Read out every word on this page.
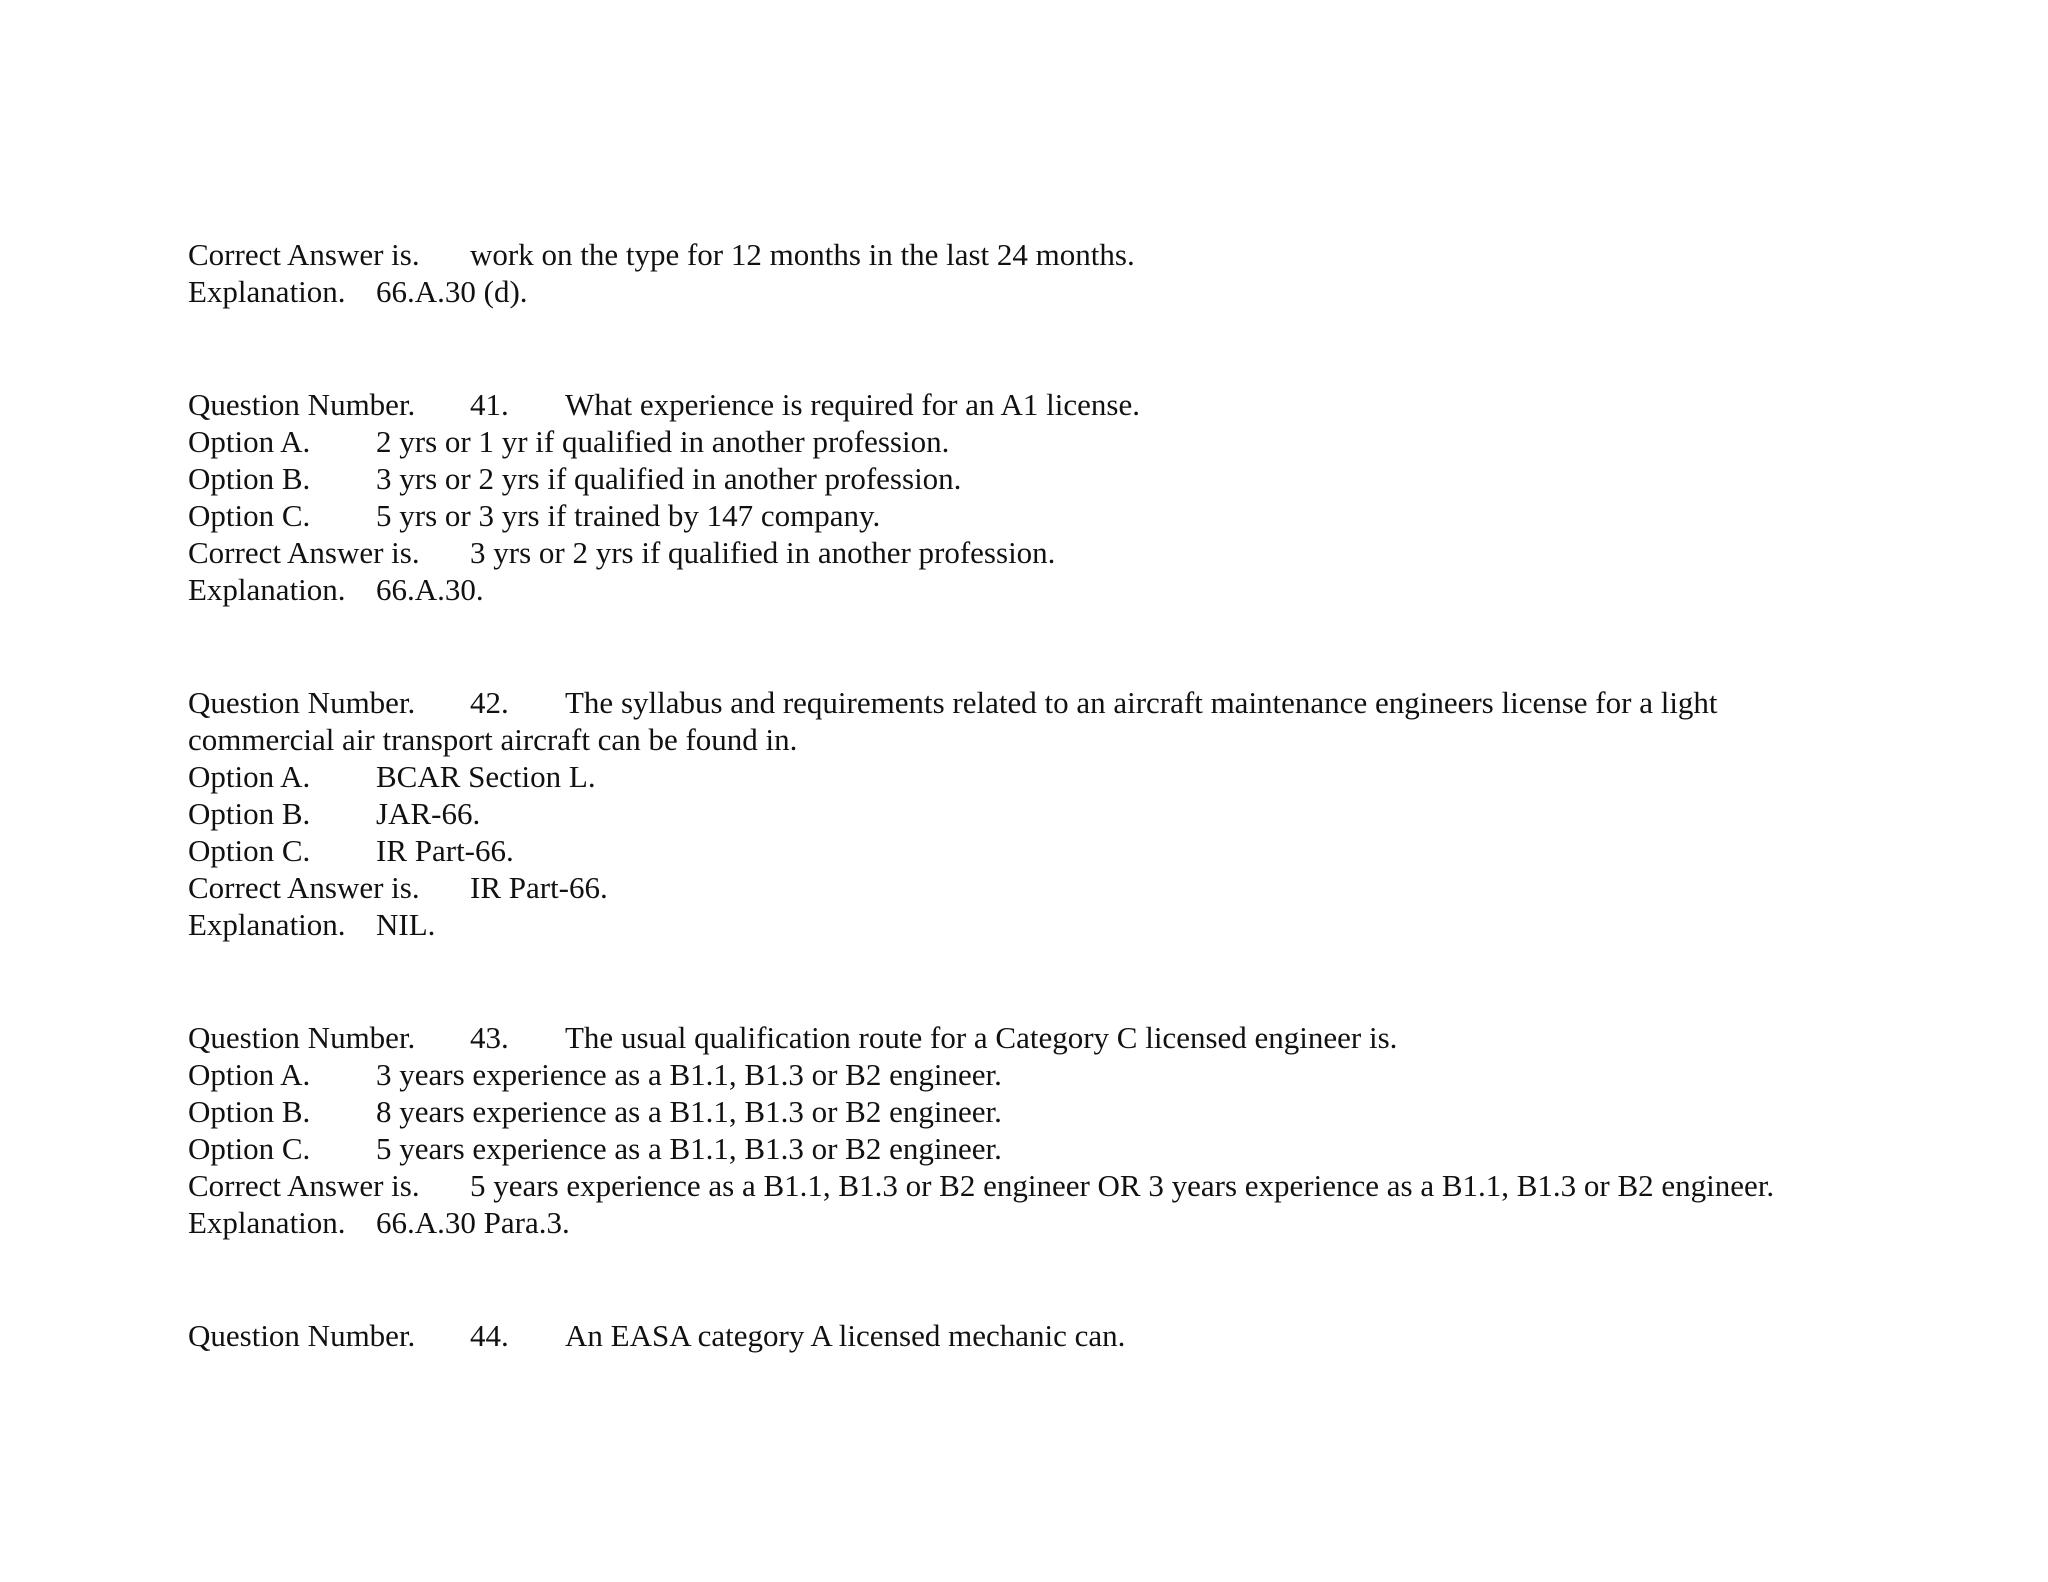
Correct Answer is. work on the type for 12 months in the last 24 months.
Explanation. 66.A.30 (d).
Question Number. 41. What experience is required for an A1 license.
Option A. 2 yrs or 1 yr if qualified in another profession.
Option B. 3 yrs or 2 yrs if qualified in another profession.
Option C. 5 yrs or 3 yrs if trained by 147 company.
Correct Answer is. 3 yrs or 2 yrs if qualified in another profession.
Explanation. 66.A.30.
Question Number. 42. The syllabus and requirements related to an aircraft maintenance engineers license for a light
commercial air transport aircraft can be found in.
Option A. BCAR Section L.
Option B. JAR-66.
Option C. IR Part-66.
Correct Answer is. IR Part-66.
Explanation. NIL.
Question Number. 43. The usual qualification route for a Category C licensed engineer is.
Option A. 3 years experience as a B1.1, B1.3 or B2 engineer.
Option B. 8 years experience as a B1.1, B1.3 or B2 engineer.
Option C. 5 years experience as a B1.1, B1.3 or B2 engineer.
Correct Answer is. 5 years experience as a B1.1, B1.3 or B2 engineer OR 3 years experience as a B1.1, B1.3 or B2 engineer.
Explanation. 66.A.30 Para.3.
Question Number. 44. An EASA category A licensed mechanic can.
